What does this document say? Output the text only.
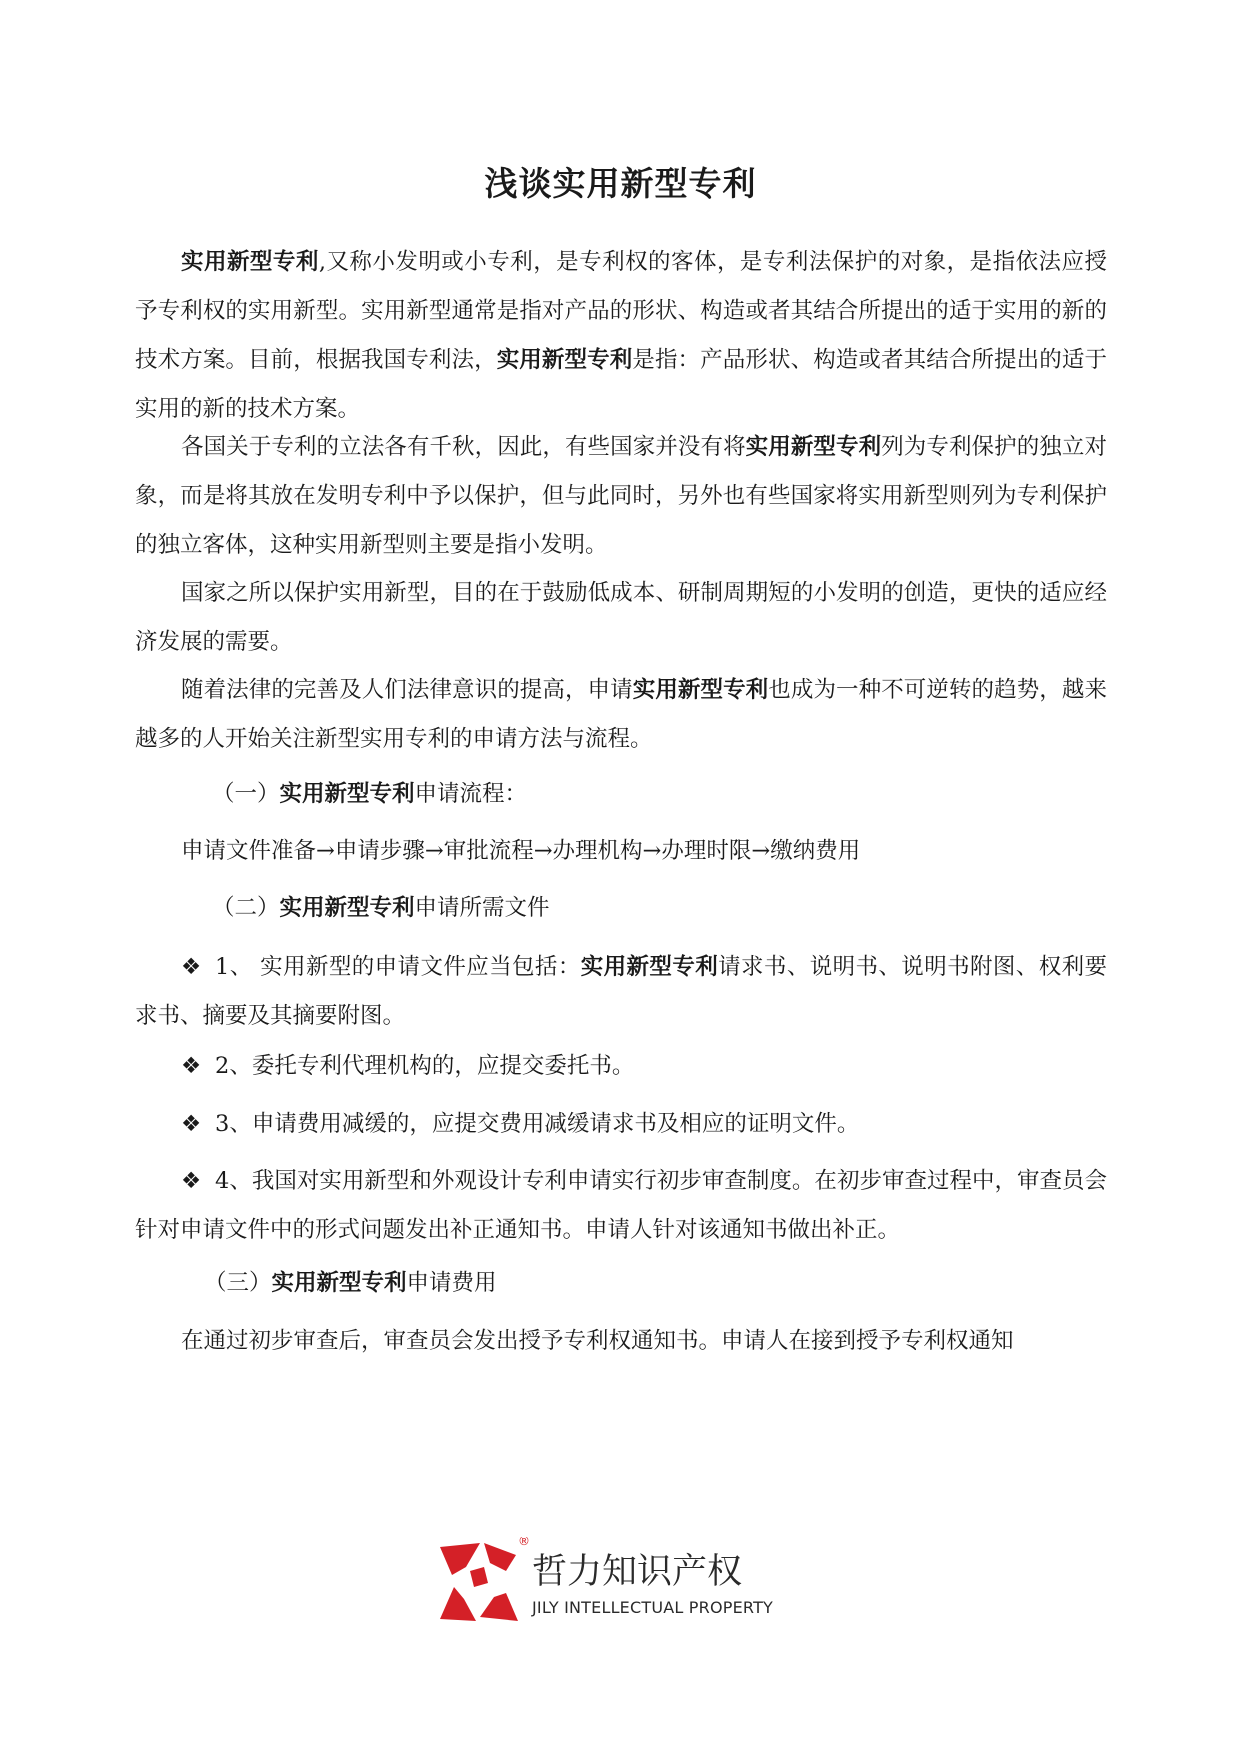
浅谈实用新型专利
实用新型专利,又称小发明或小专利，是专利权的客体，是专利法保护的对象，是指依法应授予专利权的实用新型。实用新型通常是指对产品的形状、构造或者其结合所提出的适于实用的新的技术方案。目前，根据我国专利法，实用新型专利是指：产品形状、构造或者其结合所提出的适于实用的新的技术方案。
各国关于专利的立法各有千秋，因此，有些国家并没有将实用新型专利列为专利保护的独立对象，而是将其放在发明专利中予以保护，但与此同时，另外也有些国家将实用新型则列为专利保护的独立客体，这种实用新型则主要是指小发明。
国家之所以保护实用新型，目的在于鼓励低成本、研制周期短的小发明的创造，更快的适应经济发展的需要。
随着法律的完善及人们法律意识的提高，申请实用新型专利也成为一种不可逆转的趋势，越来越多的人开始关注新型实用专利的申请方法与流程。
（一）实用新型专利申请流程：
申请文件准备→申请步骤→审批流程→办理机构→办理时限→缴纳费用
（二）实用新型专利申请所需文件
❖ 1、 实用新型的申请文件应当包括：实用新型专利请求书、说明书、说明书附图、权利要求书、摘要及其摘要附图。
❖ 2、委托专利代理机构的，应提交委托书。
❖ 3、申请费用减缓的，应提交费用减缓请求书及相应的证明文件。
❖ 4、我国对实用新型和外观设计专利申请实行初步审查制度。在初步审查过程中，审查员会针对申请文件中的形式问题发出补正通知书。申请人针对该通知书做出补正。
（三）实用新型专利申请费用
在通过初步审查后，审查员会发出授予专利权通知书。申请人在接到授予专利权通知
®
哲力知识产权
JILY INTELLECTUAL PROPERTY
